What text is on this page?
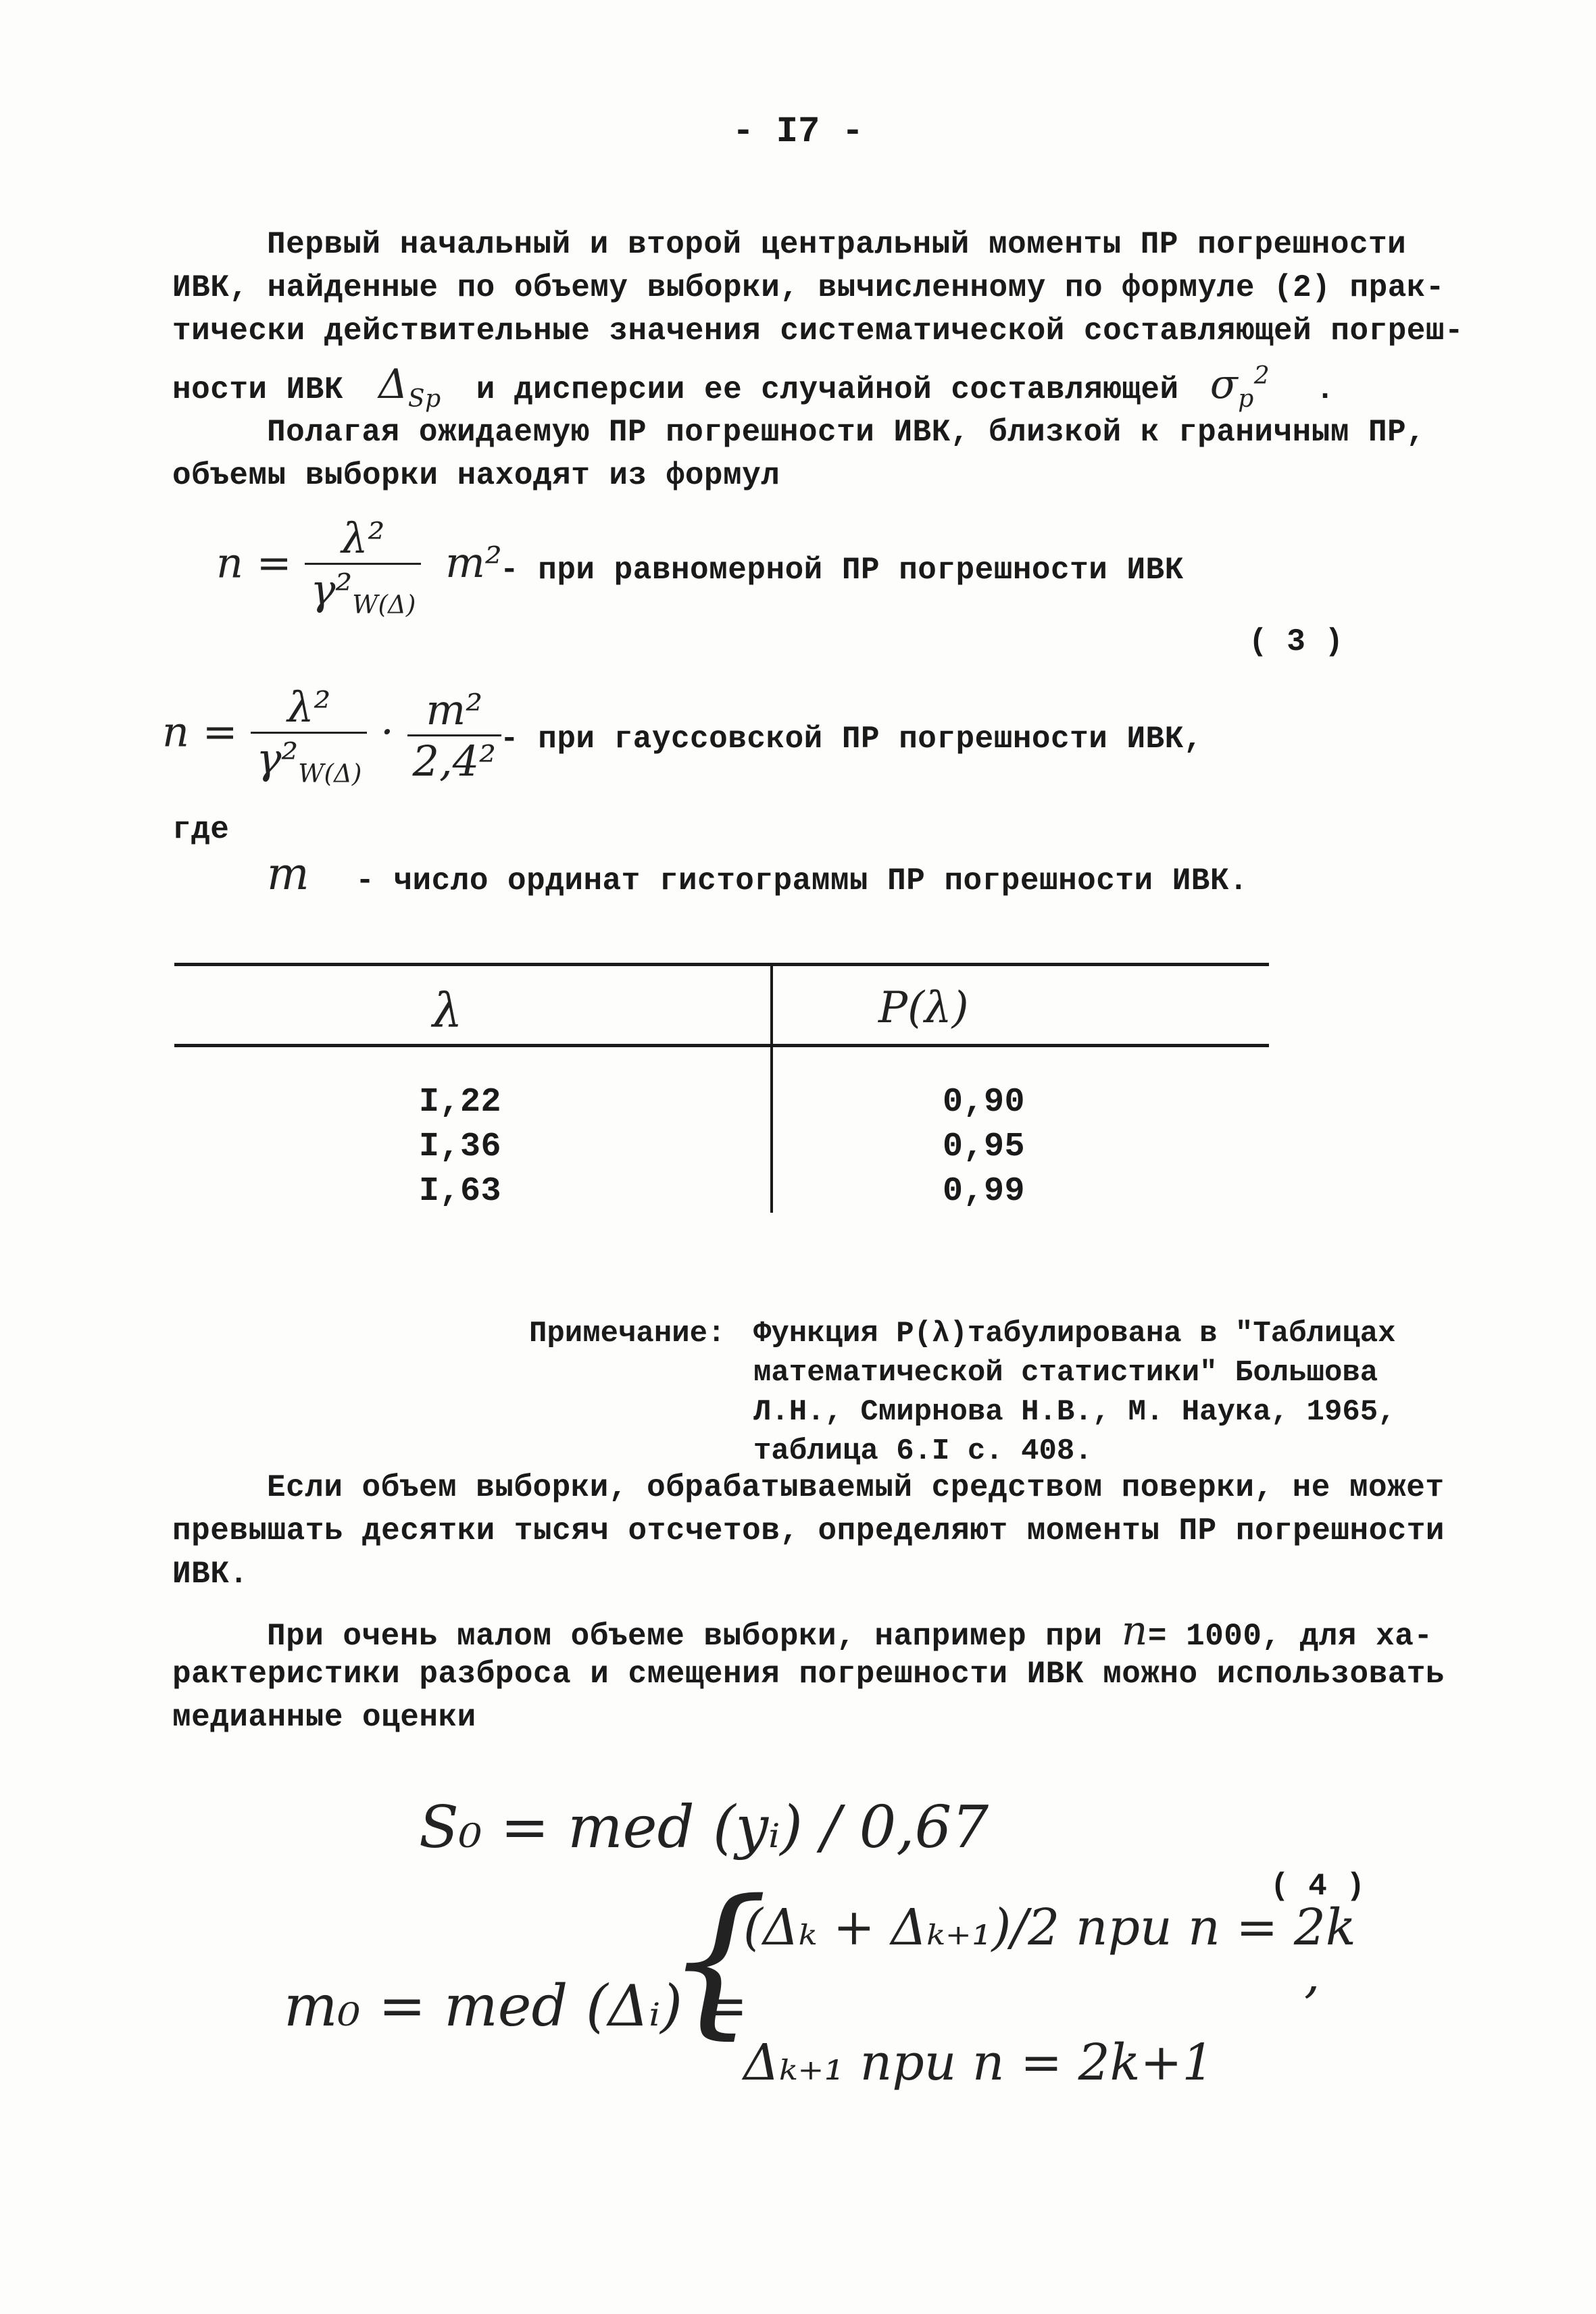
- I7 -
Первый начальный и второй центральный моменты ПР погрешности
ИВК, найденные по объему выборки, вычисленному по формуле (2) прак-
тически действительные значения систематической составляющей погреш-
ности ИВК $\Delta_{Sp}$ и дисперсии ее случайной составляющей $\sigma_p^2$ .
Полагая ожидаемую ПР погрешности ИВК, близкой к граничным ПР,
объемы выборки находят из формул
$n = \frac{\text{λ²}}{\gamma^2_{W(\Delta)}} m^2$
- при равномерной ПР погрешности ИВК
( 3 )
$n = \frac{\text{λ²}}{\gamma^2_{W(\Delta)}} \cdot \frac{\text{m²}}{\text{2,4²}}$
- при гауссовской ПР погрешности ИВК,
где
m - число ординат гистограммы ПР погрешности ИВК.
λ	P(λ)
I,22	0,90
I,36	0,95
I,63	0,99
Примечание: Функция P(λ)табулирована в "Таблицах
математической статистики" Большова
Л.Н., Смирнова Н.В., М. Наука, 1965,
таблица 6.I с. 408.
Если объем выборки, обрабатываемый средством поверки, не может
превышать десятки тысяч отсчетов, определяют моменты ПР погрешности
ИВК.
При очень малом объеме выборки, например при n= 1000, для ха-
рактеристики разброса и смещения погрешности ИВК можно использовать
медианные оценки
S₀ = med (yᵢ) / 0,67
( 4 )
m₀ = med (Δᵢ) =
{
(Δₖ + Δₖ₊₁)/2 при n = 2k
Δₖ₊₁ при n = 2k+1
,
